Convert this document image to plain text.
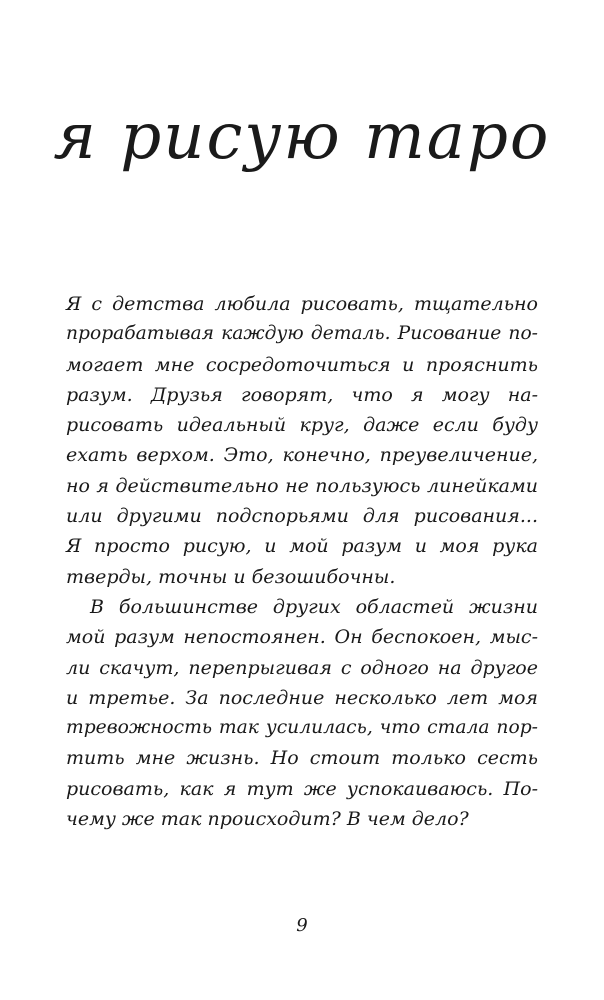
я рисую таро
Я с детства любила рисовать, тщательно
прорабатывая каждую деталь. Рисование по-
могает мне сосредоточиться и прояснить
разум. Друзья говорят, что я могу на-
рисовать идеальный круг, даже если буду
ехать верхом. Это, конечно, преувеличение,
но я действительно не пользуюсь линейками
или другими подспорьями для рисования...
Я просто рисую, и мой разум и моя рука
тверды, точны и безошибочны.
В большинстве других областей жизни
мой разум непостоянен. Он беспокоен, мыс-
ли скачут, перепрыгивая с одного на другое
и третье. За последние несколько лет моя
тревожность так усилилась, что стала пор-
тить мне жизнь. Но стоит только сесть
рисовать, как я тут же успокаиваюсь. По-
чему же так происходит? В чем дело?
9
